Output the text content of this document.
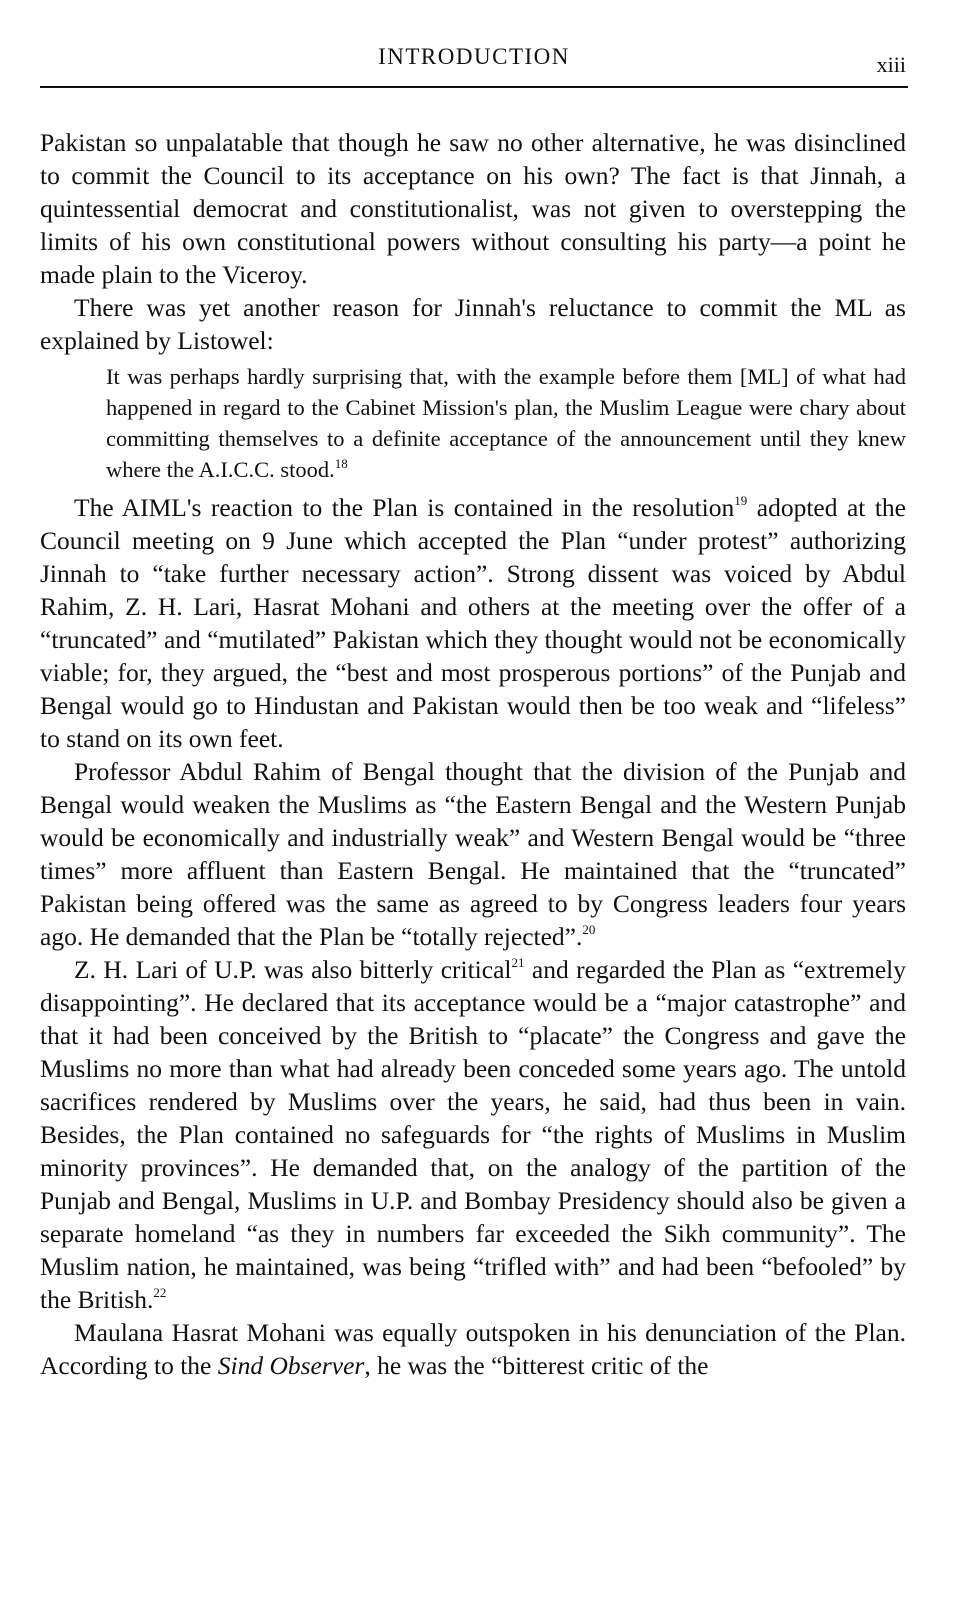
INTRODUCTION	xiii

Pakistan so unpalatable that though he saw no other alternative, he was disinclined to commit the Council to its acceptance on his own? The fact is that Jinnah, a quintessential democrat and constitutionalist, was not given to overstepping the limits of his own constitutional powers without consulting his party—a point he made plain to the Viceroy.

There was yet another reason for Jinnah's reluctance to commit the ML as explained by Listowel:

It was perhaps hardly surprising that, with the example before them [ML] of what had happened in regard to the Cabinet Mission's plan, the Muslim League were chary about committing themselves to a definite acceptance of the announcement until they knew where the A.I.C.C. stood.$^{18}$

The AIML's reaction to the Plan is contained in the resolution$^{19}$ adopted at the Council meeting on 9 June which accepted the Plan “under protest” authorizing Jinnah to “take further necessary action”. Strong dissent was voiced by Abdul Rahim, Z. H. Lari, Hasrat Mohani and others at the meeting over the offer of a “truncated” and “mutilated” Pakistan which they thought would not be economically viable; for, they argued, the “best and most prosperous portions” of the Punjab and Bengal would go to Hindustan and Pakistan would then be too weak and “lifeless” to stand on its own feet.

Professor Abdul Rahim of Bengal thought that the division of the Punjab and Bengal would weaken the Muslims as “the Eastern Bengal and the Western Punjab would be economically and industrially weak” and Western Bengal would be “three times” more affluent than Eastern Bengal. He maintained that the “truncated” Pakistan being offered was the same as agreed to by Congress leaders four years ago. He demanded that the Plan be “totally rejected”.$^{20}$

Z. H. Lari of U.P. was also bitterly critical$^{21}$ and regarded the Plan as “extremely disappointing”. He declared that its acceptance would be a “major catastrophe” and that it had been conceived by the British to “placate” the Congress and gave the Muslims no more than what had already been conceded some years ago. The untold sacrifices rendered by Muslims over the years, he said, had thus been in vain. Besides, the Plan contained no safeguards for “the rights of Muslims in Muslim minority provinces”. He demanded that, on the analogy of the partition of the Punjab and Bengal, Muslims in U.P. and Bombay Presidency should also be given a separate homeland “as they in numbers far exceeded the Sikh community”. The Muslim nation, he maintained, was being “trifled with” and had been “befooled” by the British.$^{22}$

Maulana Hasrat Mohani was equally outspoken in his denunciation of the Plan. According to the Sind Observer, he was the “bitterest critic of the
